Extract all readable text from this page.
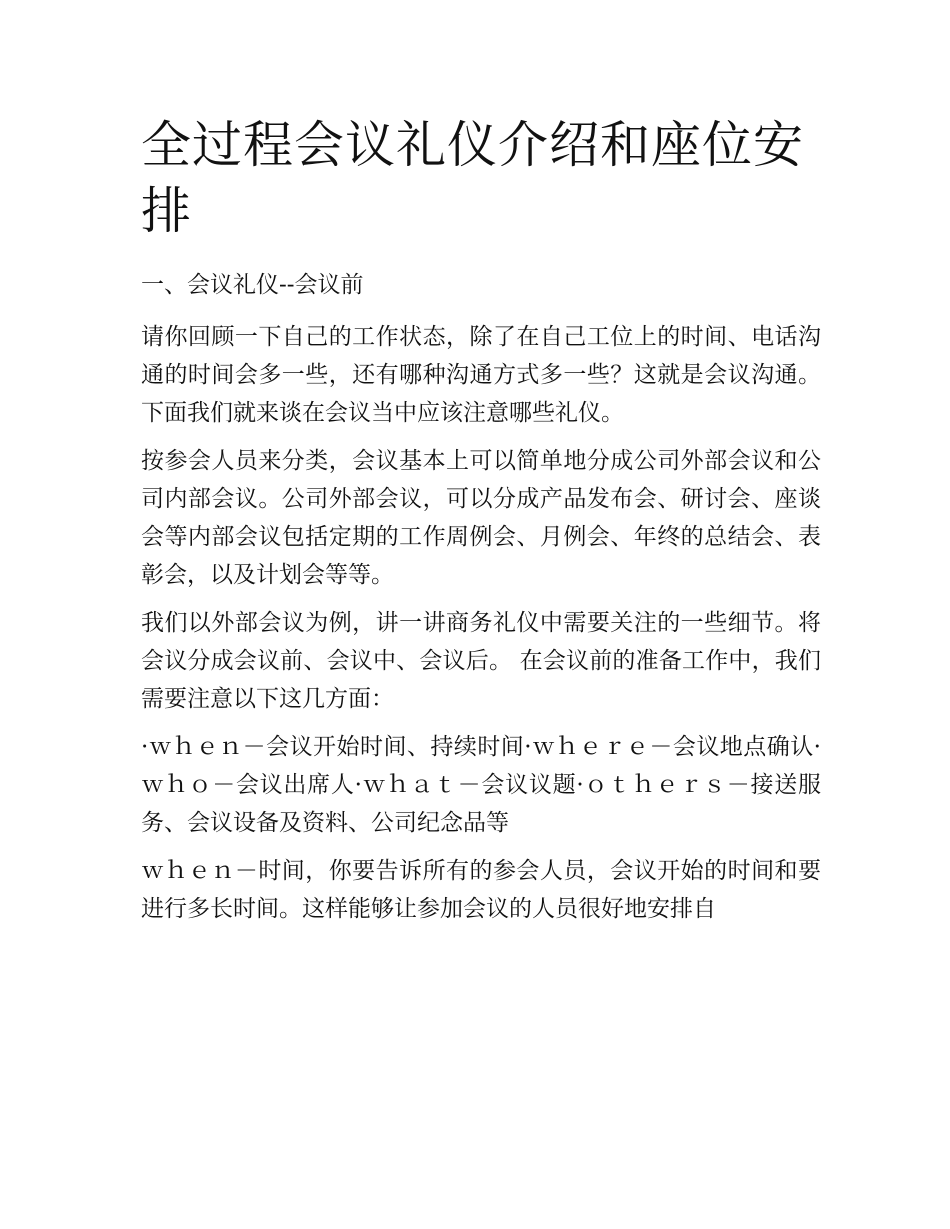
全过程会议礼仪介绍和座位安排
一、会议礼仪--会议前

请你回顾一下自己的工作状态，除了在自己工位上的时间、电话沟通的时间会多一些，还有哪种沟通方式多一些？这就是会议沟通。下面我们就来谈在会议当中应该注意哪些礼仪。

按参会人员来分类，会议基本上可以简单地分成公司外部会议和公司内部会议。公司外部会议，可以分成产品发布会、研讨会、座谈会等内部会议包括定期的工作周例会、月例会、年终的总结会、表彰会，以及计划会等等。

我们以外部会议为例，讲一讲商务礼仪中需要关注的一些细节。将会议分成会议前、会议中、会议后。 在会议前的准备工作中，我们需要注意以下这几方面：

·ｗｈｅｎ－会议开始时间、持续时间·ｗｈｅｒｅ－会议地点确认·ｗｈｏ－会议出席人·ｗｈａｔ－会议议题·ｏｔｈｅｒｓ－接送服务、会议设备及资料、公司纪念品等

ｗｈｅｎ－时间，你要告诉所有的参会人员，会议开始的时间和要进行多长时间。这样能够让参加会议的人员很好地安排自
